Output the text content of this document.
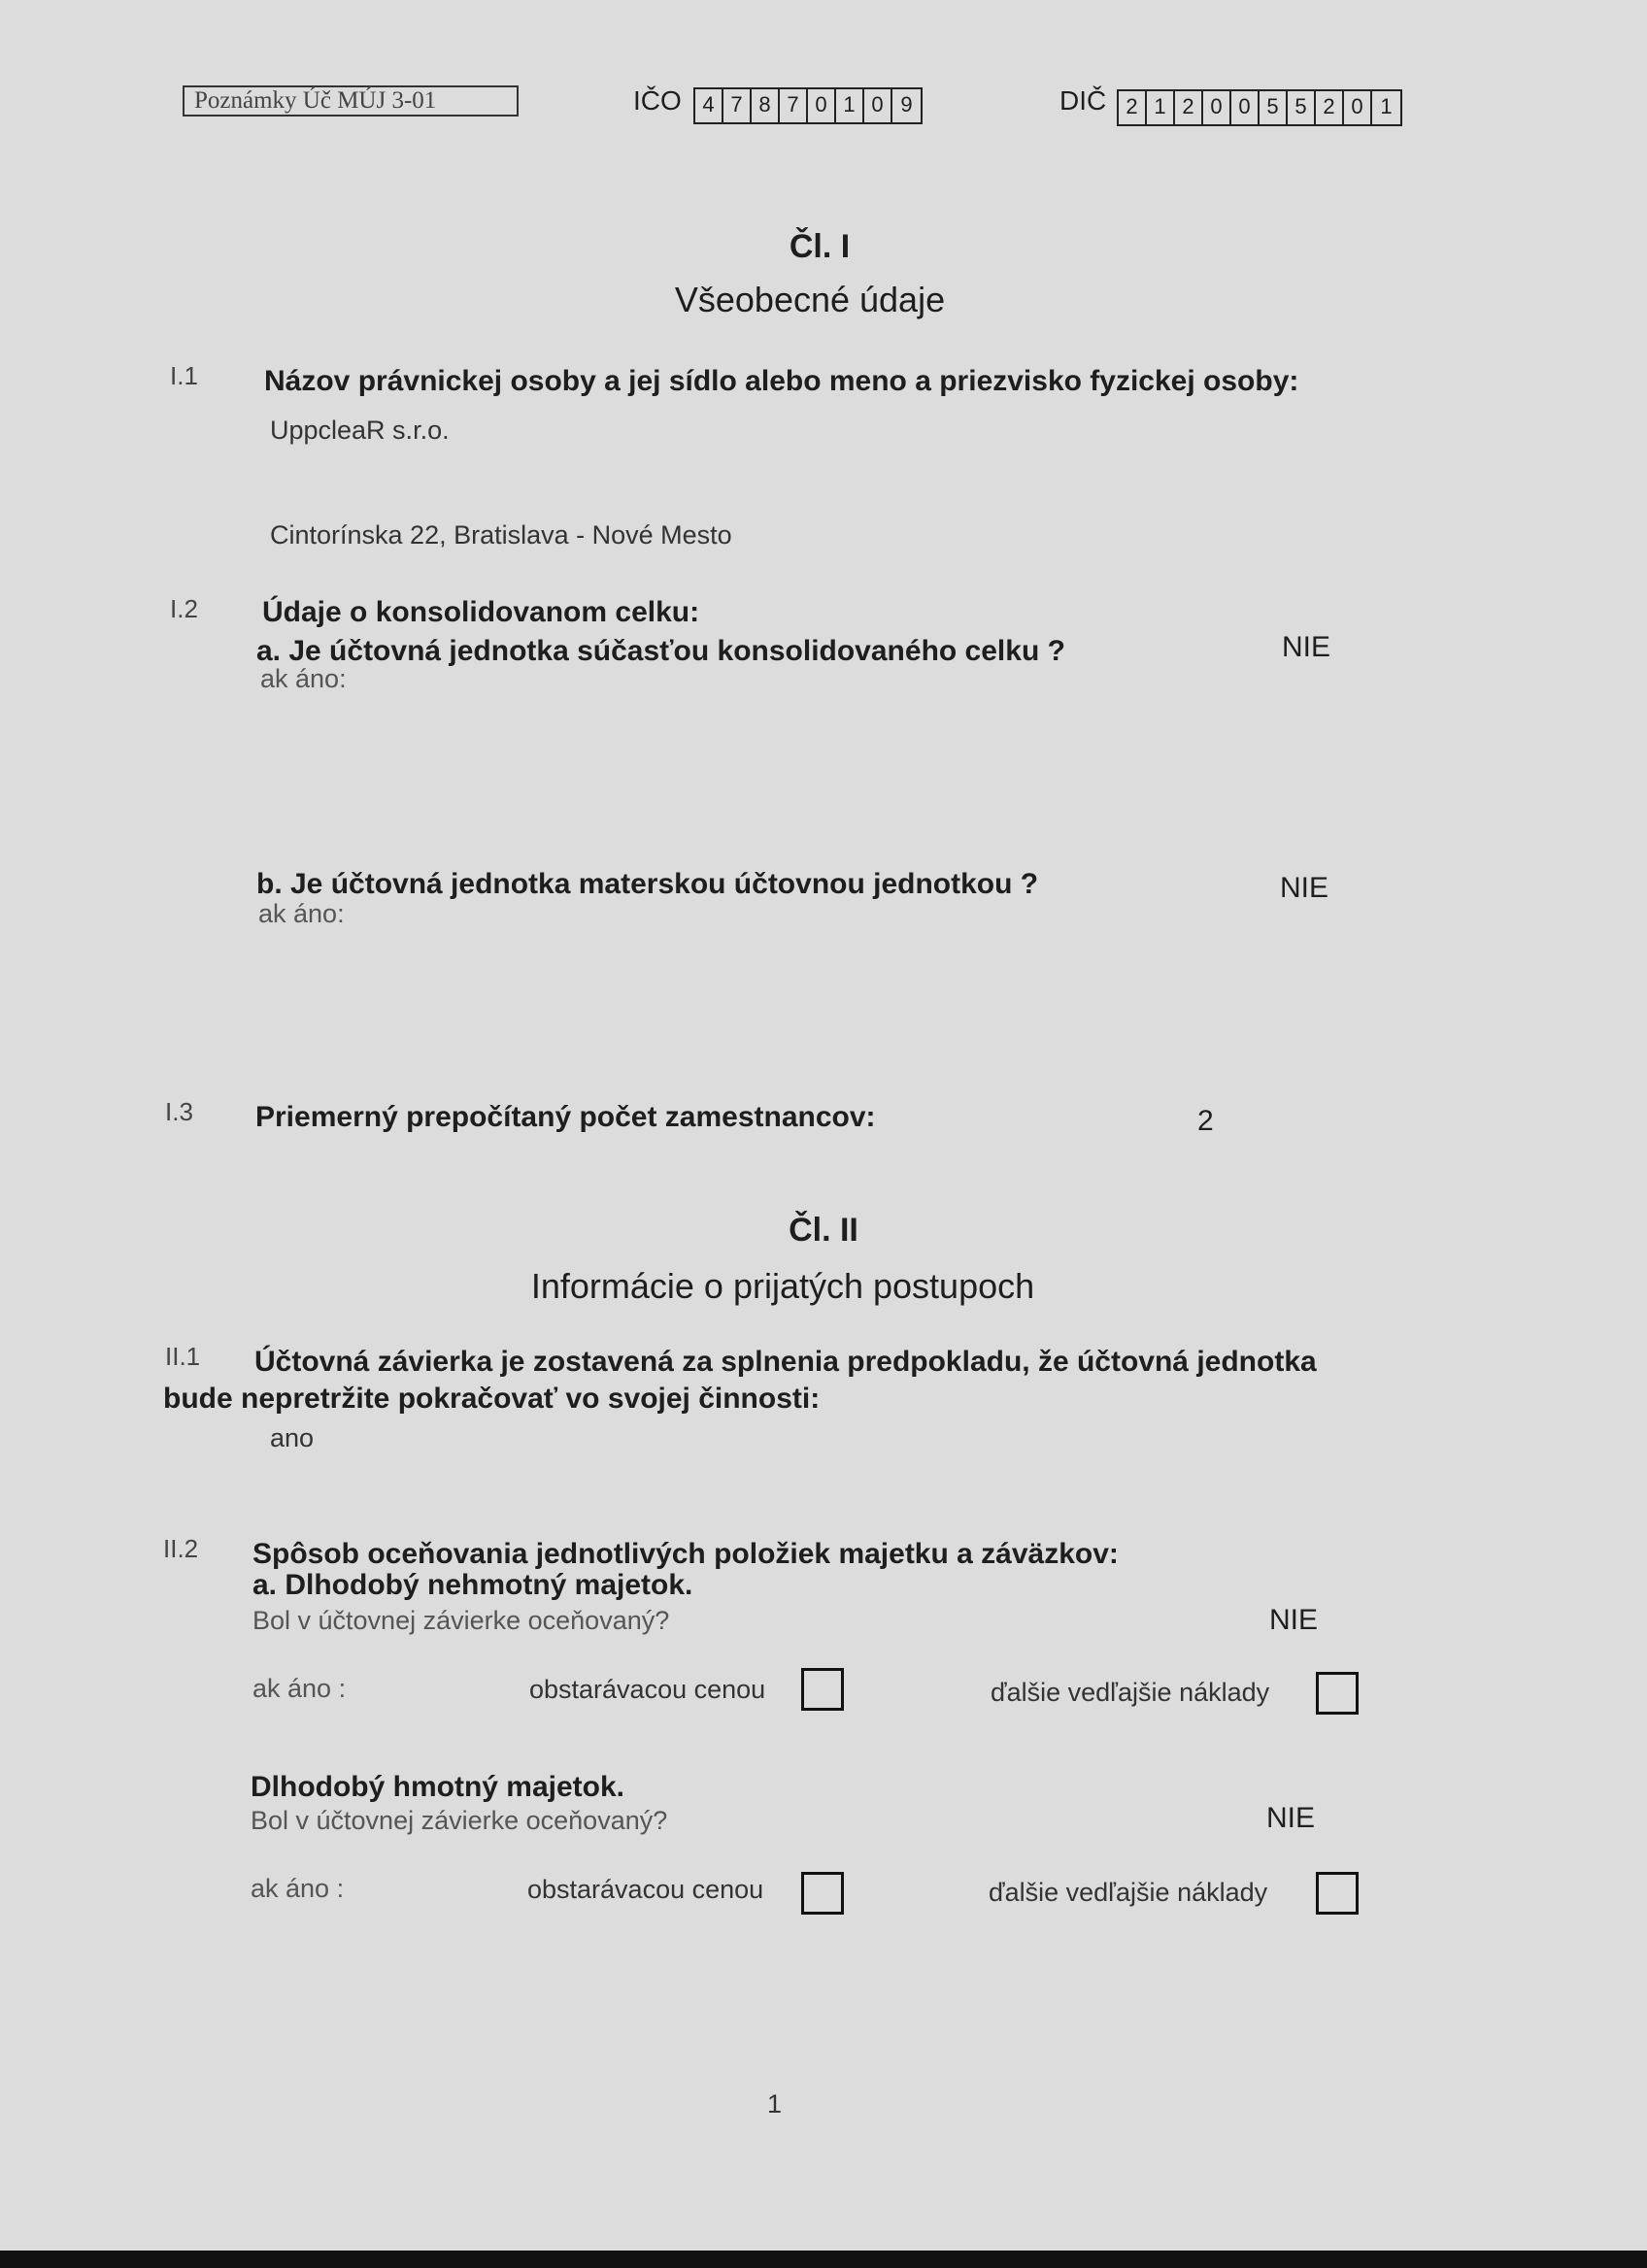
Poznámky Úč MÚJ 3-01	IČO 4 7 8 7 0 1 0 9	DIČ 2 1 2 0 0 5 5 2 0 1
Čl. I
Všeobecné údaje
I.1 Názov právnickej osoby a jej sídlo alebo meno a priezvisko fyzickej osoby:
UppcleaR s.r.o.
Cintorínska 22, Bratislava - Nové Mesto
I.2 Údaje o konsolidovanom celku:
a. Je účtovná jednotka súčasťou konsolidovaného celku ?	NIE
ak áno:
b. Je účtovná jednotka materskou účtovnou jednotkou ?	NIE
ak áno:
I.3 Priemerný prepočítaný počet zamestnancov:	2
Čl. II
Informácie o prijatých postupoch
II.1 Účtovná závierka je zostavená za splnenia predpokladu, že účtovná jednotka
bude nepretržite pokračovať vo svojej činnosti:
ano
II.2 Spôsob oceňovania jednotlivých položiek majetku a záväzkov:
a. Dlhodobý nehmotný majetok.
Bol v účtovnej závierke oceňovaný?	NIE
ak áno :	obstarávacou cenou	ďalšie vedľajšie náklady
Dlhodobý hmotný majetok.
Bol v účtovnej závierke oceňovaný?	NIE
ak áno :	obstarávacou cenou	ďalšie vedľajšie náklady
1
